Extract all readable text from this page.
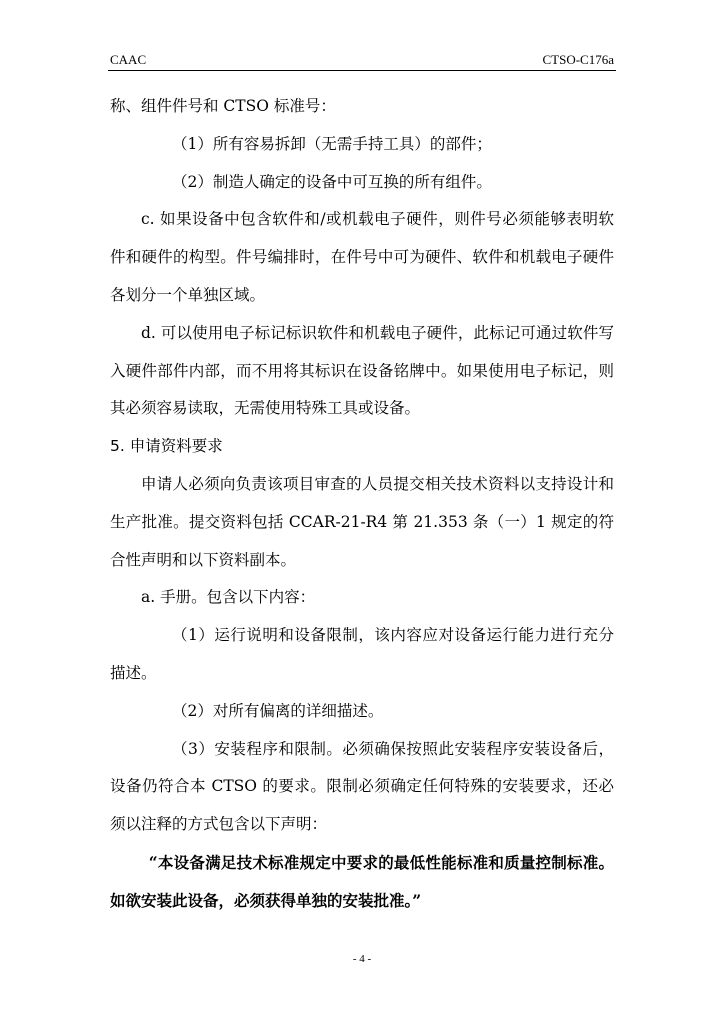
CAAC	CTSO-C176a

称、组件件号和 CTSO 标准号：

（1）所有容易拆卸（无需手持工具）的部件；

（2）制造人确定的设备中可互换的所有组件。

c. 如果设备中包含软件和/或机载电子硬件，则件号必须能够表明软件和硬件的构型。件号编排时，在件号中可为硬件、软件和机载电子硬件各划分一个单独区域。

d. 可以使用电子标记标识软件和机载电子硬件，此标记可通过软件写入硬件部件内部，而不用将其标识在设备铭牌中。如果使用电子标记，则其必须容易读取，无需使用特殊工具或设备。

5. 申请资料要求

申请人必须向负责该项目审查的人员提交相关技术资料以支持设计和生产批准。提交资料包括 CCAR-21-R4 第 21.353 条（一）1 规定的符合性声明和以下资料副本。

a. 手册。包含以下内容：

（1）运行说明和设备限制，该内容应对设备运行能力进行充分描述。

（2）对所有偏离的详细描述。

（3）安装程序和限制。必须确保按照此安装程序安装设备后，设备仍符合本 CTSO 的要求。限制必须确定任何特殊的安装要求，还必须以注释的方式包含以下声明：

“本设备满足技术标准规定中要求的最低性能标准和质量控制标准。如欲安装此设备，必须获得单独的安装批准。”

- 4 -
